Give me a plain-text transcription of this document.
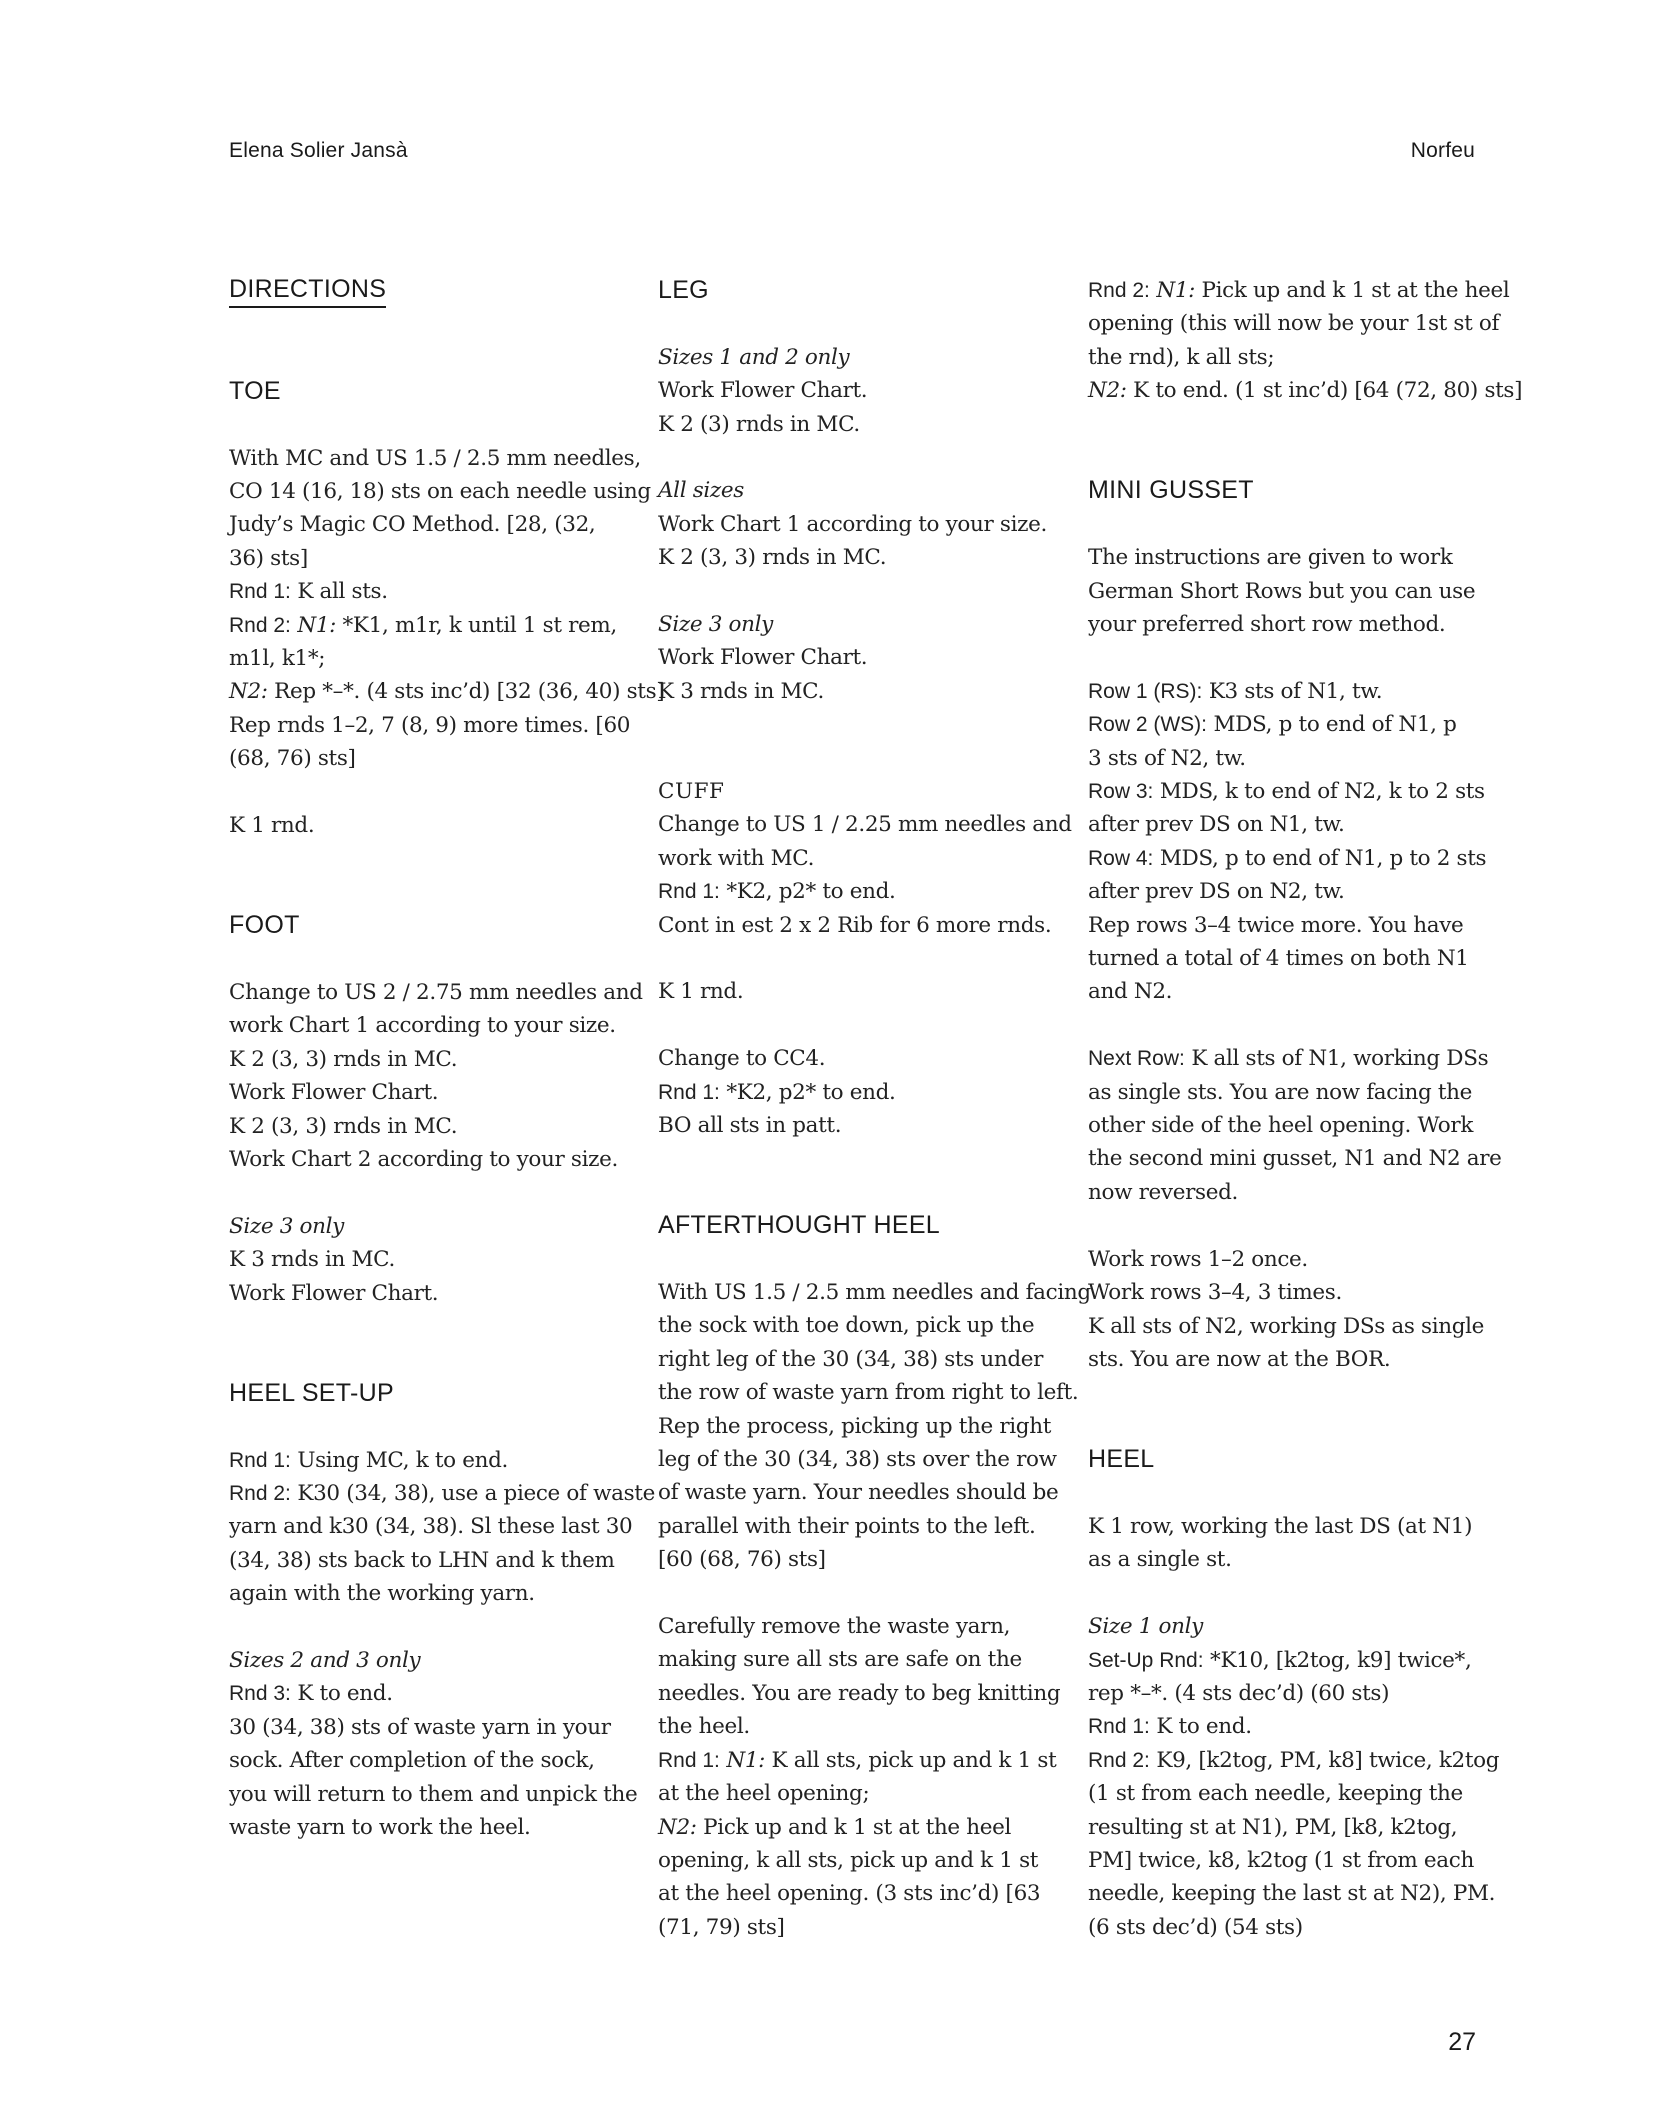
Elena Solier Jansà	Norfeu
DIRECTIONS
TOE
With MC and US 1.5 / 2.5 mm needles,
CO 14 (16, 18) sts on each needle using
Judy’s Magic CO Method. [28, (32,
36) sts]
Rnd 1: K all sts.
Rnd 2: N1: *K1, m1r, k until 1 st rem,
m1l, k1*;
N2: Rep *–*. (4 sts inc’d) [32 (36, 40) sts]
Rep rnds 1–2, 7 (8, 9) more times. [60
(68, 76) sts]
K 1 rnd.
FOOT
Change to US 2 / 2.75 mm needles and
work Chart 1 according to your size.
K 2 (3, 3) rnds in MC.
Work Flower Chart.
K 2 (3, 3) rnds in MC.
Work Chart 2 according to your size.
Size 3 only
K 3 rnds in MC.
Work Flower Chart.
HEEL SET-UP
Rnd 1: Using MC, k to end.
Rnd 2: K30 (34, 38), use a piece of waste
yarn and k30 (34, 38). Sl these last 30
(34, 38) sts back to LHN and k them
again with the working yarn.
Sizes 2 and 3 only
Rnd 3: K to end.
30 (34, 38) sts of waste yarn in your
sock. After completion of the sock,
you will return to them and unpick the
waste yarn to work the heel.
LEG
Sizes 1 and 2 only
Work Flower Chart.
K 2 (3) rnds in MC.
All sizes
Work Chart 1 according to your size.
K 2 (3, 3) rnds in MC.
Size 3 only
Work Flower Chart.
K 3 rnds in MC.
CUFF
Change to US 1 / 2.25 mm needles and
work with MC.
Rnd 1: *K2, p2* to end.
Cont in est 2 x 2 Rib for 6 more rnds.
K 1 rnd.
Change to CC4.
Rnd 1: *K2, p2* to end.
BO all sts in patt.
AFTERTHOUGHT HEEL
With US 1.5 / 2.5 mm needles and facing
the sock with toe down, pick up the
right leg of the 30 (34, 38) sts under
the row of waste yarn from right to left.
Rep the process, picking up the right
leg of the 30 (34, 38) sts over the row
of waste yarn. Your needles should be
parallel with their points to the left.
[60 (68, 76) sts]
Carefully remove the waste yarn,
making sure all sts are safe on the
needles. You are ready to beg knitting
the heel.
Rnd 1: N1: K all sts, pick up and k 1 st
at the heel opening;
N2: Pick up and k 1 st at the heel
opening, k all sts, pick up and k 1 st
at the heel opening. (3 sts inc’d) [63
(71, 79) sts]
Rnd 2: N1: Pick up and k 1 st at the heel
opening (this will now be your 1st st of
the rnd), k all sts;
N2: K to end. (1 st inc’d) [64 (72, 80) sts]
MINI GUSSET
The instructions are given to work
German Short Rows but you can use
your preferred short row method.
Row 1 (RS): K3 sts of N1, tw.
Row 2 (WS): MDS, p to end of N1, p
3 sts of N2, tw.
Row 3: MDS, k to end of N2, k to 2 sts
after prev DS on N1, tw.
Row 4: MDS, p to end of N1, p to 2 sts
after prev DS on N2, tw.
Rep rows 3–4 twice more. You have
turned a total of 4 times on both N1
and N2.
Next Row: K all sts of N1, working DSs
as single sts. You are now facing the
other side of the heel opening. Work
the second mini gusset, N1 and N2 are
now reversed.
Work rows 1–2 once.
Work rows 3–4, 3 times.
K all sts of N2, working DSs as single
sts. You are now at the BOR.
HEEL
K 1 row, working the last DS (at N1)
as a single st.
Size 1 only
Set-Up Rnd: *K10, [k2tog, k9] twice*,
rep *–*. (4 sts dec’d) (60 sts)
Rnd 1: K to end.
Rnd 2: K9, [k2tog, PM, k8] twice, k2tog
(1 st from each needle, keeping the
resulting st at N1), PM, [k8, k2tog,
PM] twice, k8, k2tog (1 st from each
needle, keeping the last st at N2), PM.
(6 sts dec’d) (54 sts)
27
